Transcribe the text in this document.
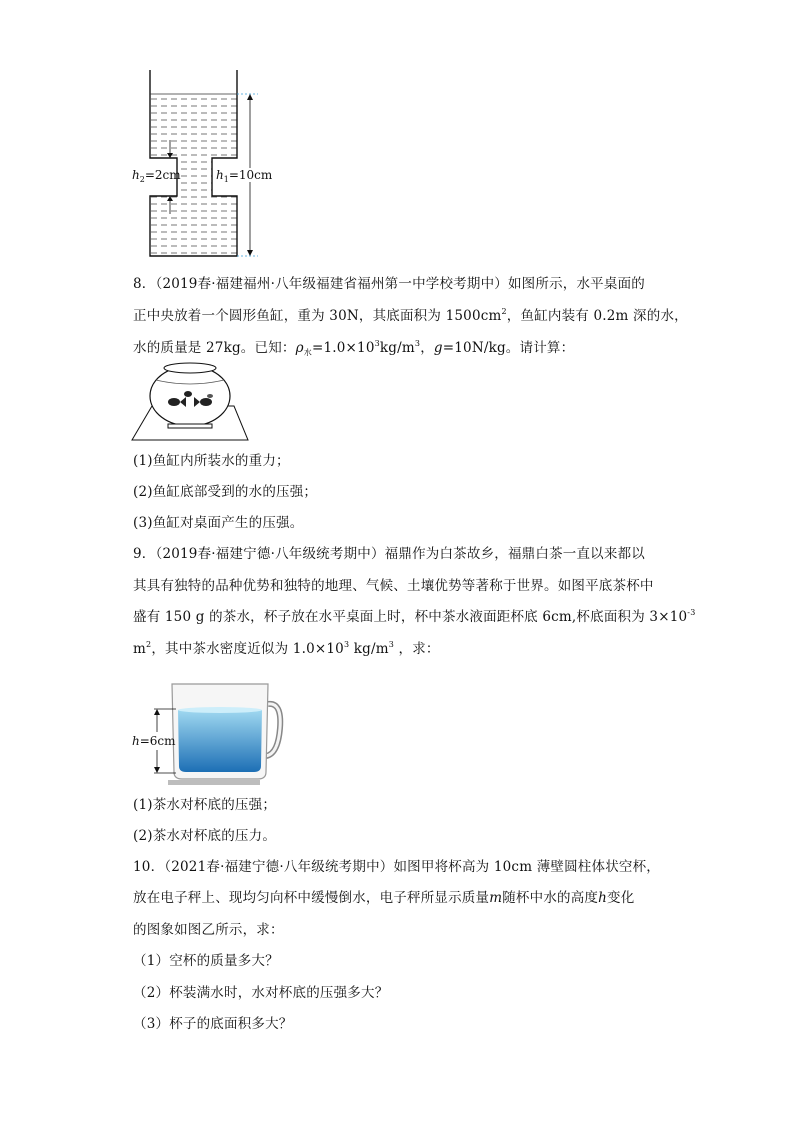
$h_2=2cm$	$h_1=10cm$
8．（2019春·福建福州·八年级福建省福州第一中学校考期中）如图所示，水平桌面的
正中央放着一个圆形鱼缸，重为 30N，其底面积为 $1500cm^2$，鱼缸内装有 0.2m 深的水，
水的质量是 27kg。已知：$\rho_水=1.0\times 10^3kg/m^3$，g=10N/kg。请计算：
(1)鱼缸内所装水的重力；
(2)鱼缸底部受到的水的压强；
(3)鱼缸对桌面产生的压强。
9．（2019春·福建宁德·八年级统考期中）福鼎作为白茶故乡，福鼎白茶一直以来都以
其具有独特的品种优势和独特的地理、气候、土壤优势等著称于世界。如图平底茶杯中
盛有 150 g 的茶水，杯子放在水平桌面上时，杯中茶水液面距杯底 6cm,杯底面积为 $3\times 10^{-3}$
$m^2$，其中茶水密度近似为 $1.0\times 10^3$ $kg/m^3$ ，求：
h=6cm
(1)茶水对杯底的压强；
(2)茶水对杯底的压力。
10．（2021春·福建宁德·八年级统考期中）如图甲将杯高为 10cm 薄壁圆柱体状空杯，
放在电子秤上、现均匀向杯中缓慢倒水，电子秤所显示质量m随杯中水的高度h变化
的图象如图乙所示，求：
（1）空杯的质量多大？
（2）杯装满水时，水对杯底的压强多大？
（3）杯子的底面积多大？
